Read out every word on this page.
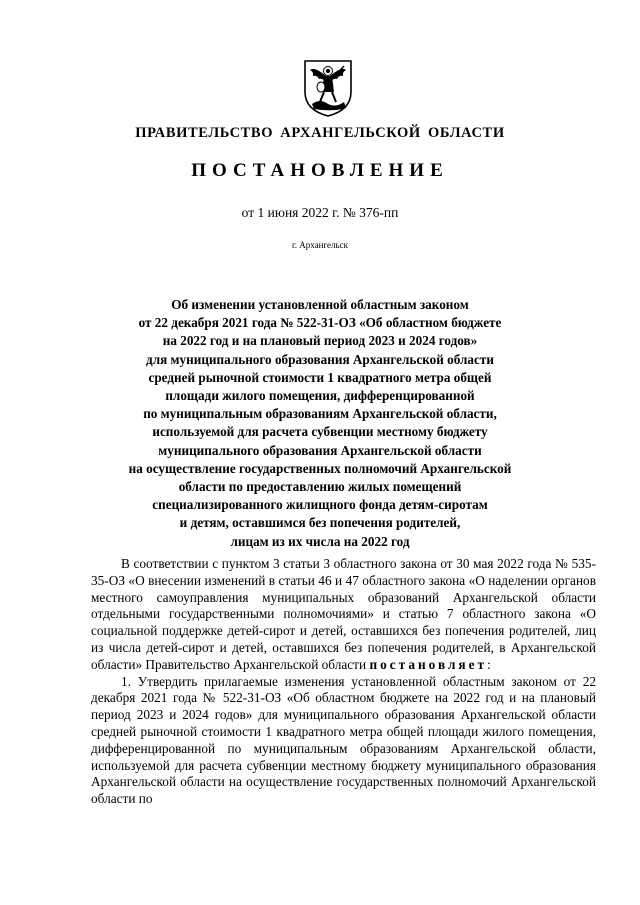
ПРАВИТЕЛЬСТВО АРХАНГЕЛЬСКОЙ ОБЛАСТИ
ПОСТАНОВЛЕНИЕ
от 1 июня 2022 г. № 376-пп
г. Архангельск
Об изменении установленной областным законом
от 22 декабря 2021 года № 522-31-ОЗ «Об областном бюджете
на 2022 год и на плановый период 2023 и 2024 годов»
для муниципального образования Архангельской области
средней рыночной стоимости 1 квадратного метра общей
площади жилого помещения, дифференцированной
по муниципальным образованиям Архангельской области,
используемой для расчета субвенции местному бюджету
муниципального образования Архангельской области
на осуществление государственных полномочий Архангельской
области по предоставлению жилых помещений
специализированного жилищного фонда детям-сиротам
и детям, оставшимся без попечения родителей,
лицам из их числа на 2022 год

В соответствии с пунктом 3 статьи 3 областного закона от 30 мая 2022 года № 535-35-ОЗ «О внесении изменений в статьи 46 и 47 областного закона «О наделении органов местного самоуправления муниципальных образований Архангельской области отдельными государственными полномочиями» и статью 7 областного закона «О социальной поддержке детей-сирот и детей, оставшихся без попечения родителей, лиц из числа детей-сирот и детей, оставшихся без попечения родителей, в Архангельской области» Правительство Архангельской области постановляет:

1. Утвердить прилагаемые изменения установленной областным законом от 22 декабря 2021 года № 522-31-ОЗ «Об областном бюджете на 2022 год и на плановый период 2023 и 2024 годов» для муниципального образования Архангельской области средней рыночной стоимости 1 квадратного метра общей площади жилого помещения, дифференцированной по муниципальным образованиям Архангельской области, используемой для расчета субвенции местному бюджету муниципального образования Архангельской области на осуществление государственных полномочий Архангельской области по
